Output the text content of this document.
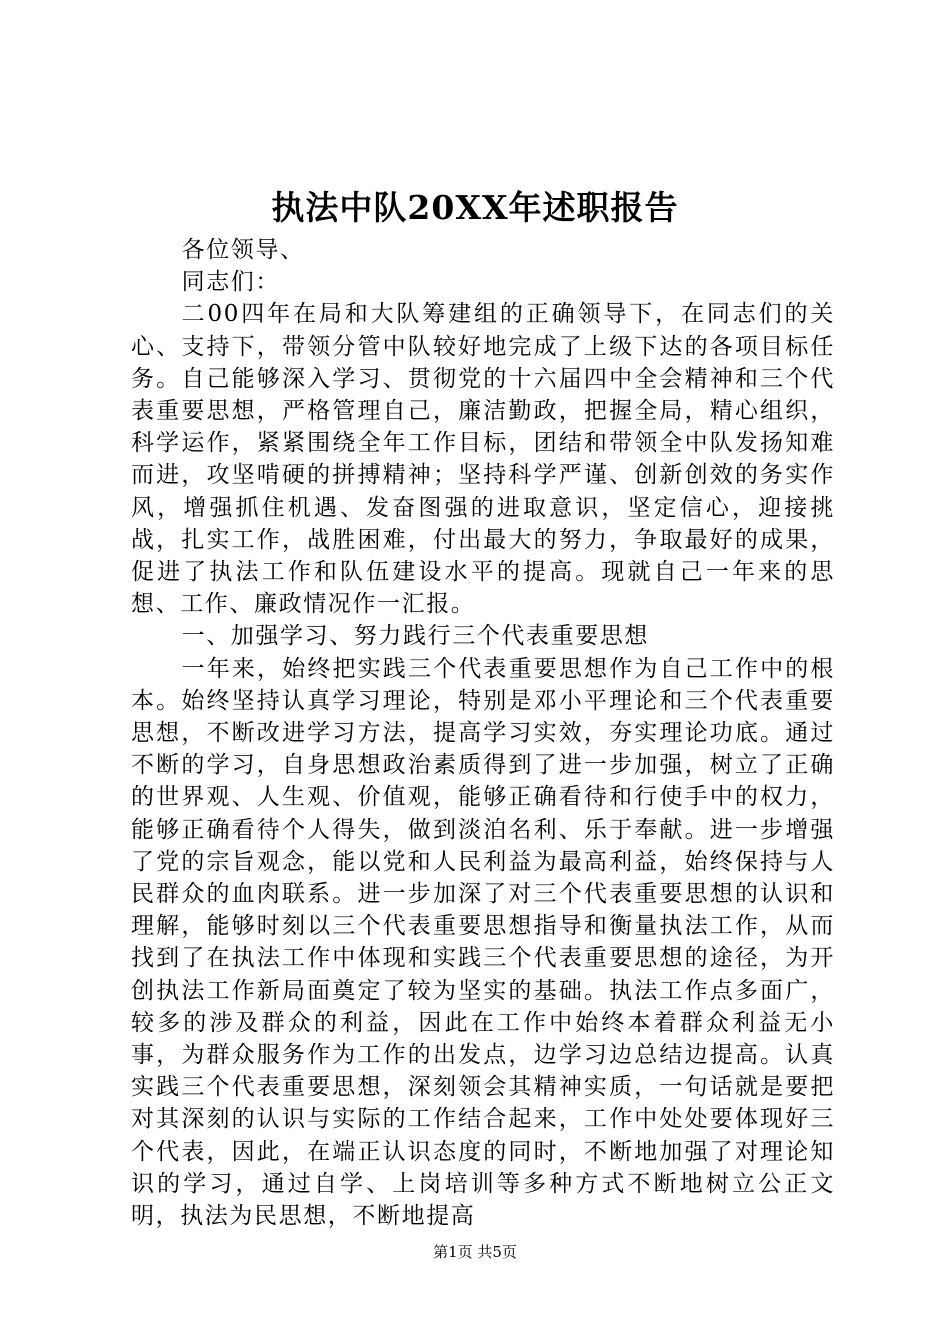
执法中队20XX年述职报告

各位领导、

同志们：

二00四年在局和大队筹建组的正确领导下，在同志们的关心、支持下，带领分管中队较好地完成了上级下达的各项目标任务。自己能够深入学习、贯彻党的十六届四中全会精神和三个代表重要思想，严格管理自己，廉洁勤政，把握全局，精心组织，科学运作，紧紧围绕全年工作目标，团结和带领全中队发扬知难而进，攻坚啃硬的拼搏精神；坚持科学严谨、创新创效的务实作风，增强抓住机遇、发奋图强的进取意识，坚定信心，迎接挑战，扎实工作，战胜困难，付出最大的努力，争取最好的成果，促进了执法工作和队伍建设水平的提高。现就自己一年来的思想、工作、廉政情况作一汇报。

一、加强学习、努力践行三个代表重要思想

一年来，始终把实践三个代表重要思想作为自己工作中的根本。始终坚持认真学习理论，特别是邓小平理论和三个代表重要思想，不断改进学习方法，提高学习实效，夯实理论功底。通过不断的学习，自身思想政治素质得到了进一步加强，树立了正确的世界观、人生观、价值观，能够正确看待和行使手中的权力，能够正确看待个人得失，做到淡泊名利、乐于奉献。进一步增强了党的宗旨观念，能以党和人民利益为最高利益，始终保持与人民群众的血肉联系。进一步加深了对三个代表重要思想的认识和理解，能够时刻以三个代表重要思想指导和衡量执法工作，从而找到了在执法工作中体现和实践三个代表重要思想的途径，为开创执法工作新局面奠定了较为坚实的基础。执法工作点多面广，较多的涉及群众的利益，因此在工作中始终本着群众利益无小事，为群众服务作为工作的出发点，边学习边总结边提高。认真实践三个代表重要思想，深刻领会其精神实质，一句话就是要把对其深刻的认识与实际的工作结合起来，工作中处处要体现好三个代表，因此，在端正认识态度的同时，不断地加强了对理论知识的学习，通过自学、上岗培训等多种方式不断地树立公正文明，执法为民思想，不断地提高

第1页 共5页
